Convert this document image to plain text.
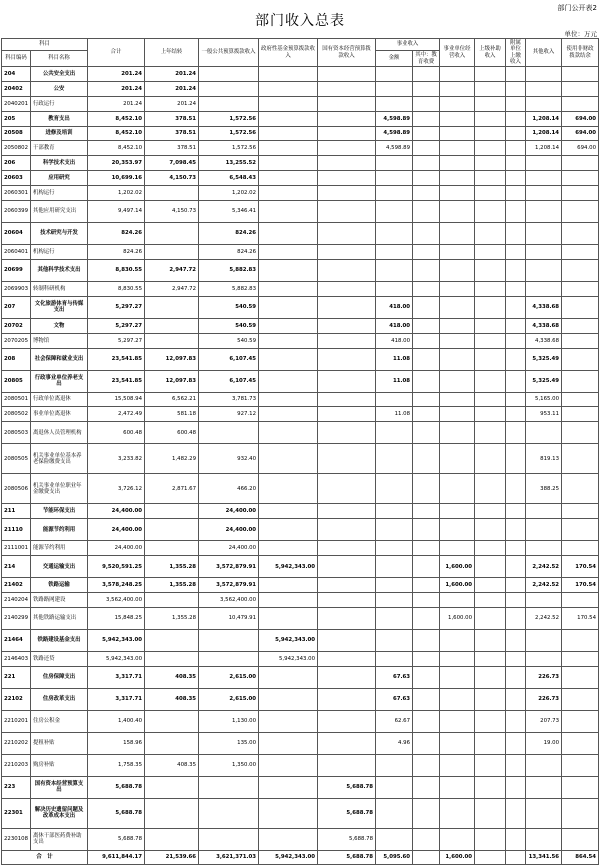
部门公开表2
部门收入总表
单位：万元
科目		合计	上年结转	一般公共预算拨款收入	政府性基金预算拨款收入	国有资本经营预算拨款收入	事业收入		事业单位经营收入	上级补助收入	附属单位上缴收入	其他收入	使用非财政拨款结余
科目编码	科目名称						金额	其中：教育收费					
204	公共安全支出	201.24	201.24										
20402	公安	201.24	201.24										
2040201	行政运行	201.24	201.24										
205	教育支出	8,452.10	378.51	1,572.56			4,598.89					1,208.14	694.00
20508	进修及培训	8,452.10	378.51	1,572.56			4,598.89					1,208.14	694.00
2050802	干部教育	8,452.10	378.51	1,572.56			4,598.89					1,208.14	694.00
206	科学技术支出	20,353.97	7,098.45	13,255.52									
20603	应用研究	10,699.16	4,150.73	6,548.43									
2060301	机构运行	1,202.02		1,202.02									
2060399	其他应用研究支出	9,497.14	4,150.73	5,346.41									
20604	技术研究与开发	824.26		824.26									
2060401	机构运行	824.26		824.26									
20699	其他科学技术支出	8,830.55	2,947.72	5,882.83									
2069903	转制科研机构	8,830.55	2,947.72	5,882.83									
207	文化旅游体育与传媒支出	5,297.27		540.59			418.00					4,338.68	
20702	文物	5,297.27		540.59			418.00					4,338.68	
2070205	博物馆	5,297.27		540.59			418.00					4,338.68	
208	社会保障和就业支出	23,541.85	12,097.83	6,107.45			11.08					5,325.49	
20805	行政事业单位养老支出	23,541.85	12,097.83	6,107.45			11.08					5,325.49	
2080501	行政单位离退休	15,508.94	6,562.21	3,781.73								5,165.00	
2080502	事业单位离退休	2,472.49	581.18	927.12			11.08					953.11	
2080503	离退休人员管理机构	600.48	600.48										
2080505	机关事业单位基本养老保险缴费支出	3,233.82	1,482.29	932.40								819.13	
2080506	机关事业单位职业年金缴费支出	3,726.12	2,871.67	466.20								388.25	
211	节能环保支出	24,400.00		24,400.00									
21110	能源节约利用	24,400.00		24,400.00									
2111001	能源节约利用	24,400.00		24,400.00									
214	交通运输支出	9,520,591.25	1,355.28	3,572,879.91	5,942,343.00				1,600.00			2,242.52	170.54
21402	铁路运输	3,578,248.25	1,355.28	3,572,879.91					1,600.00			2,242.52	170.54
2140204	铁路路网建设	3,562,400.00		3,562,400.00									
2140299	其他铁路运输支出	15,848.25	1,355.28	10,479.91					1,600.00			2,242.52	170.54
21464	铁路建设基金支出	5,942,343.00			5,942,343.00								
2146403	铁路还贷	5,942,343.00			5,942,343.00								
221	住房保障支出	3,317.71	408.35	2,615.00			67.63					226.73	
22102	住房改革支出	3,317.71	408.35	2,615.00			67.63					226.73	
2210201	住房公积金	1,400.40		1,130.00			62.67					207.73	
2210202	提租补贴	158.96		135.00			4.96					19.00	
2210203	购房补贴	1,758.35	408.35	1,350.00									
223	国有资本经营预算支出	5,688.78				5,688.78							
22301	解决历史遗留问题及改革成本支出	5,688.78				5,688.78							
2230108	离休干部医药费补助支出	5,688.78				5,688.78							
合　计		9,611,844.17	21,539.66	3,621,371.03	5,942,343.00	5,688.78	5,095.60		1,600.00			13,341.56	864.54
